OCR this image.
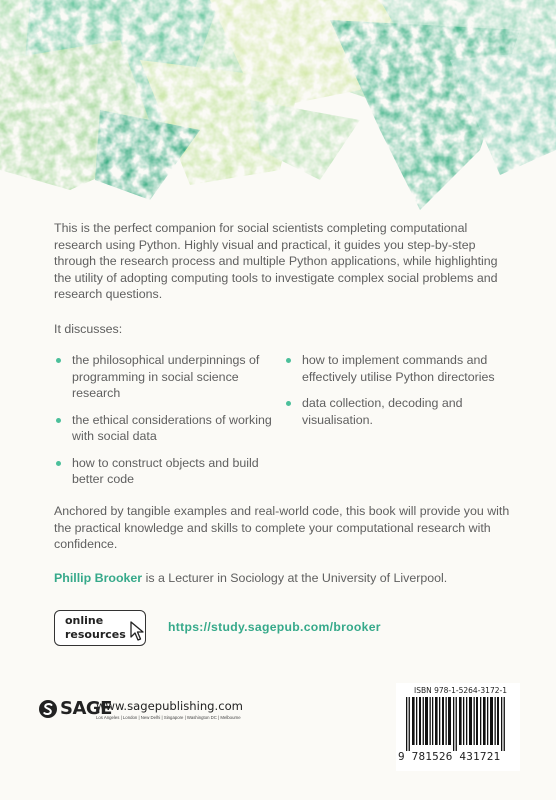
This is the perfect companion for social scientists completing computational research using Python. Highly visual and practical, it guides you step-by-step through the research process and multiple Python applications, while highlighting the utility of adopting computing tools to investigate complex social problems and research questions.
It discusses:
the philosophical underpinnings of programming in social science research
the ethical considerations of working with social data
how to construct objects and build better code
how to implement commands and effectively utilise Python directories
data collection, decoding and visualisation.
Anchored by tangible examples and real-world code, this book will provide you with the practical knowledge and skills to complete your computational research with confidence.
Phillip Brooker is a Lecturer in Sociology at the University of Liverpool.
online
resources
https://study.sagepub.com/brooker
SAGE
www.sagepublishing.com
Los Angeles | London | New Delhi | Singapore | Washington DC | Melbourne
ISBN 978-1-5264-3172-1
9 781526 431721
